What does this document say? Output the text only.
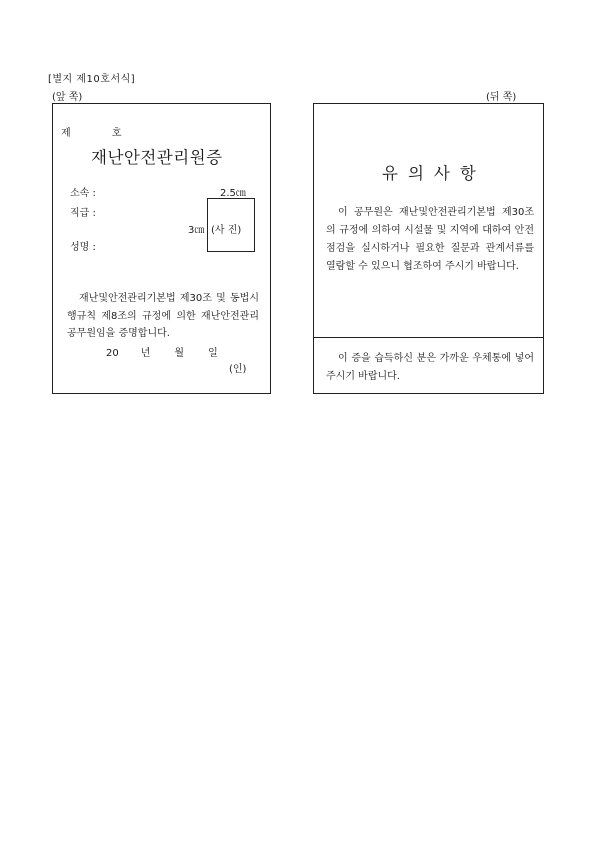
[별지 제10호서식]
(앞 쪽)	(뒤 쪽)
제 호
재난안전관리원증
소속 :
직급 :
성명 :
2.5㎝
3㎝ (사 진)
재난및안전관리기본법 제30조 및 동법시행규칙 제8조의 규정에 의한 재난안전관리공무원임을 증명합니다.
20 년 월 일
(인)
유의사항
이 공무원은 재난및안전관리기본법 제30조의 규정에 의하여 시설물 및 지역에 대하여 안전점검을 실시하거나 필요한 질문과 관계서류를 열람할 수 있으니 협조하여 주시기 바랍니다.
이 증을 습득하신 분은 가까운 우체통에 넣어 주시기 바랍니다.
